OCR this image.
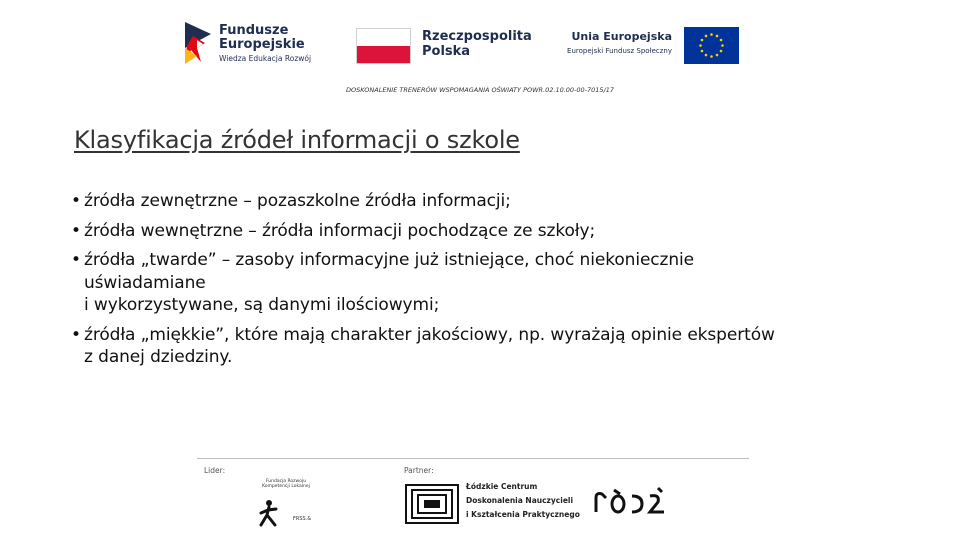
Fundusze
Europejskie
Wiedza Edukacja Rozwój
Rzeczpospolita
Polska
Unia Europejska
Europejski Fundusz Społeczny
DOSKONALENIE TRENERÓW WSPOMAGANIA OŚWIATY POWR.02.10.00-00-7015/17
Klasyfikacja źródeł informacji o szkole
• źródła zewnętrzne – pozaszkolne źródła informacji;
• źródła wewnętrzne – źródła informacji pochodzące ze szkoły;
• źródła „twarde” – zasoby informacyjne już istniejące, choć niekoniecznie
uświadamiane
i wykorzystywane, są danymi ilościowymi;
• źródła „miękkie”, które mają charakter jakościowy, np. wyrażają opinie ekspertów
z danej dziedziny.
Lider:	Partner:
Fundacja Rozwoju Kompetencji Lokalnej
FRSS.&
Łódzkie Centrum
Doskonalenia Nauczycieli
i Kształcenia Praktycznego
